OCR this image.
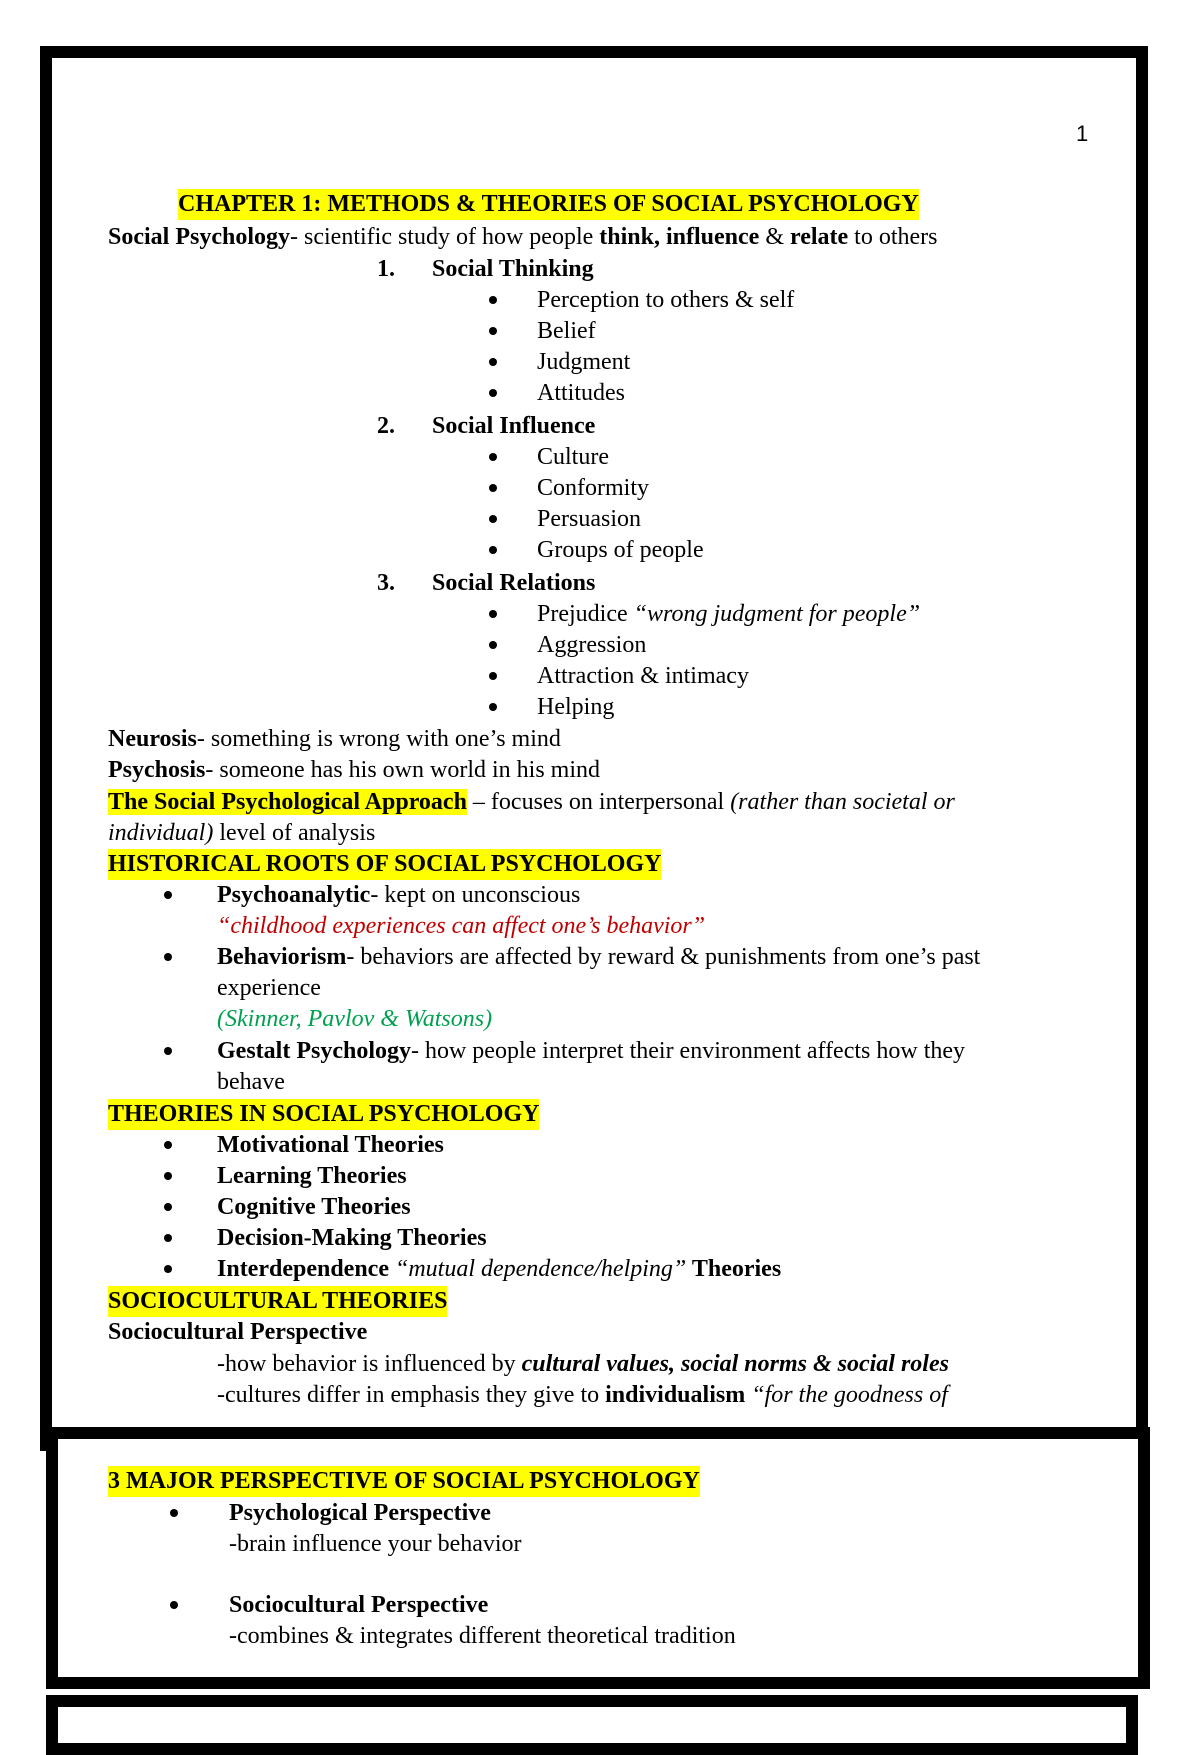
1
CHAPTER 1: METHODS & THEORIES OF SOCIAL PSYCHOLOGY
Social Psychology- scientific study of how people think, influence & relate to others
1. Social Thinking
Perception to others & self
Belief
Judgment
Attitudes
2. Social Influence
Culture
Conformity
Persuasion
Groups of people
3. Social Relations
Prejudice “wrong judgment for people”
Aggression
Attraction & intimacy
Helping
Neurosis- something is wrong with one’s mind
Psychosis- someone has his own world in his mind
The Social Psychological Approach – focuses on interpersonal (rather than societal or
individual) level of analysis
HISTORICAL ROOTS OF SOCIAL PSYCHOLOGY
Psychoanalytic- kept on unconscious
“childhood experiences can affect one’s behavior”
Behaviorism- behaviors are affected by reward & punishments from one’s past
experience
(Skinner, Pavlov & Watsons)
Gestalt Psychology- how people interpret their environment affects how they
behave
THEORIES IN SOCIAL PSYCHOLOGY
Motivational Theories
Learning Theories
Cognitive Theories
Decision-Making Theories
Interdependence “mutual dependence/helping” Theories
SOCIOCULTURAL THEORIES
Sociocultural Perspective
-how behavior is influenced by cultural values, social norms & social roles
-cultures differ in emphasis they give to individualism “for the goodness of
3 MAJOR PERSPECTIVE OF SOCIAL PSYCHOLOGY
Psychological Perspective
-brain influence your behavior
Sociocultural Perspective
-combines & integrates different theoretical tradition
